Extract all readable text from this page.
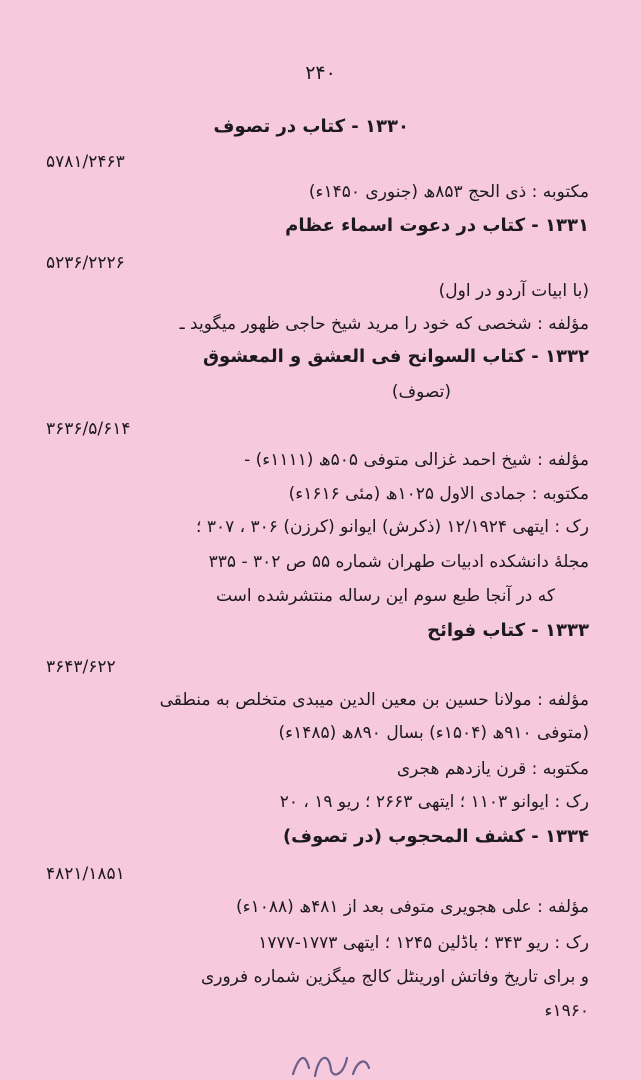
۲۴۰
۱۳۳۰ - کتاب در تصوف
۵۷۸۱/۲۴۶۳
مکتوبه : ذی الحج ۸۵۳ھ (جنوری ۱۴۵۰ء)
۱۳۳۱ - کتاب در دعوت اسماء عظام
۵۲۳۶/۲۲۲۶
(با ابیات آردو در اول)
مؤلفه : شخصی که خود را مرید شیخ حاجی ظهور میگوید ـ
۱۳۳۲ - کتاب السوانح فی العشق و المعشوق
(تصوف)
۳۶۳۶/۵/۶۱۴
مؤلفه : شیخ احمد غزالی متوفی ۵۰۵ھ (۱۱۱۱ء) -
مکتوبه : جمادی الاول ۱۰۲۵ھ (مئی ۱۶۱۶ء)
رک : ایتهی ۱۲/۱۹۲۴ (ذکرش) ایوانو (کرزن) ۳۰۶ ، ۳۰۷ ؛
مجلهٔ دانشکده ادبیات طهران شماره ۵۵ ص ۳۰۲ - ۳۳۵
که در آنجا طبع سوم این رساله منتشرشده است
۱۳۳۳ - کتاب فوائح
۳۶۴۳/۶۲۲
مؤلفه : مولانا حسین بن معین الدین میبدی متخلص به منطقی
(متوفی ۹۱۰ھ (۱۵۰۴ء) بسال ۸۹۰ھ (۱۴۸۵ء)
مکتوبه : قرن یازدهم هجری
رک : ایوانو ۱۱۰۳ ؛ ایتهی ۲۶۶۳ ؛ ریو ۱۹ ، ۲۰
۱۳۳۴ - کشف المحجوب (در تصوف)
۴۸۲۱/۱۸۵۱
مؤلفه : علی هجویری متوفی بعد از ۴۸۱ھ (۱۰۸۸ء)
رک : ریو ۳۴۳ ؛ باڈلین ۱۲۴۵ ؛ ایتهی ۱۷۷۳-۱۷۷۷
و برای تاریخ وفاتش اورینٹل کالج میگزین شماره فروری
۱۹۶۰ء
